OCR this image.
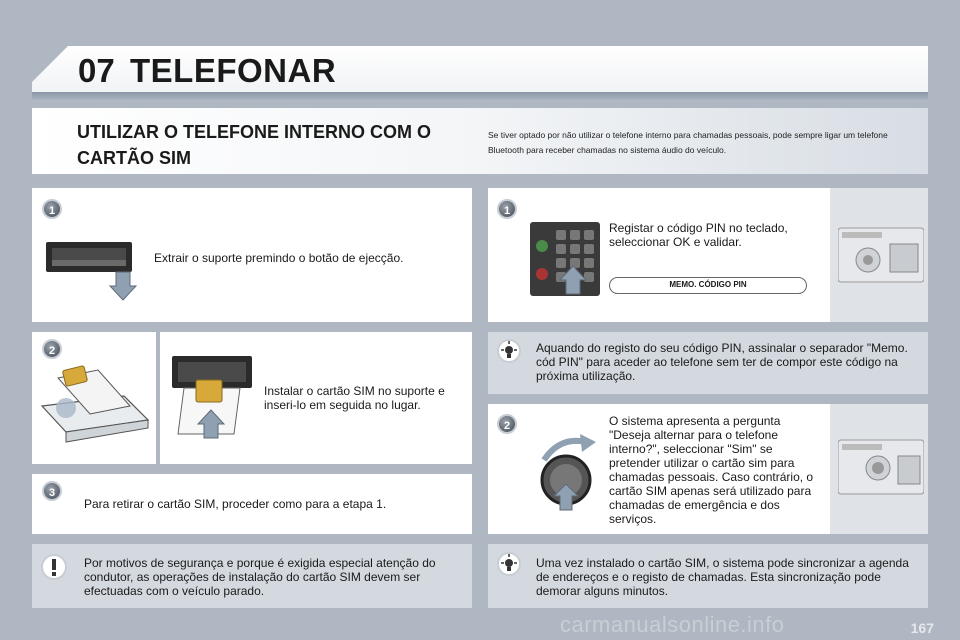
07 TELEFONAR
UTILIZAR O TELEFONE INTERNO COM O CARTÃO SIM
Se tiver optado por não utilizar o telefone interno para chamadas pessoais, pode sempre ligar um telefone Bluetooth para receber chamadas no sistema áudio do veículo.
1
Extrair o suporte premindo o botão de ejecção.
2
Instalar o cartão SIM no suporte e inseri-lo em seguida no lugar.
3
Para retirar o cartão SIM, proceder como para a etapa 1.
Por motivos de segurança e porque é exigida especial atenção do condutor, as operações de instalação do cartão SIM devem ser efectuadas com o veículo parado.
1
Registar o código PIN no teclado, seleccionar OK e validar.
MEMO. CÓDIGO PIN
Aquando do registo do seu código PIN, assinalar o separador "Memo. cód PIN" para aceder ao telefone sem ter de compor este código na próxima utilização.
2	O sistema apresenta a pergunta "Deseja alternar para o telefone interno?", seleccionar "Sim" se pretender utilizar o cartão sim para chamadas pessoais. Caso contrário, o cartão SIM apenas será utilizado para chamadas de emergência e dos serviços.
Uma vez instalado o cartão SIM, o sistema pode sincronizar a agenda de endereços e o registo de chamadas. Esta sincronização pode demorar alguns minutos.
carmanualsonline.info	167
